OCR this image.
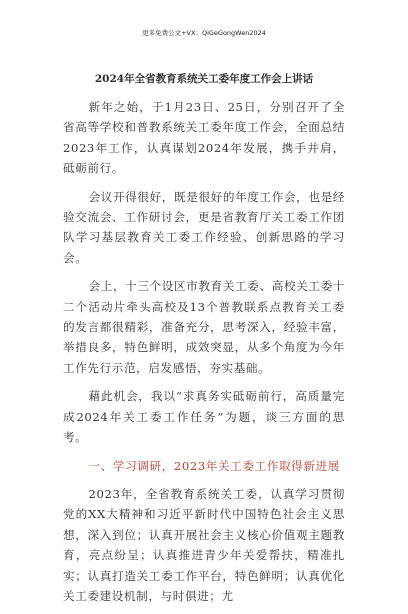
更多免费公文+VX：QiGeGongWen2024
2024年全省教育系统关工委年度工作会上讲话

新年之始，于1月23日、25日，分别召开了全省高等学校和普教系统关工委年度工作会，全面总结2023年工作，认真谋划2024年发展，携手并肩，砥砺前行。

会议开得很好，既是很好的年度工作会，也是经验交流会、工作研讨会，更是省教育厅关工委工作团队学习基层教育关工委工作经验、创新思路的学习会。

会上，十三个设区市教育关工委、高校关工委十二个活动片牵头高校及13个普教联系点教育关工委的发言都很精彩，准备充分，思考深入，经验丰富，举措良多，特色鲜明，成效突显，从多个角度为今年工作先行示范，启发感悟，夯实基础。

藉此机会，我以“求真务实砥砺前行，高质量完成2024年关工委工作任务”为题，谈三方面的思考。

一、学习调研，2023年关工委工作取得新进展

2023年，全省教育系统关工委，认真学习贯彻党的XX大精神和习近平新时代中国特色社会主义思想，深入到位；认真开展社会主义核心价值观主题教育，亮点纷呈；认真推进青少年关爱帮扶，精准扎实；认真打造关工委工作平台，特色鲜明；认真优化关工委建设机制，与时俱进；尤
